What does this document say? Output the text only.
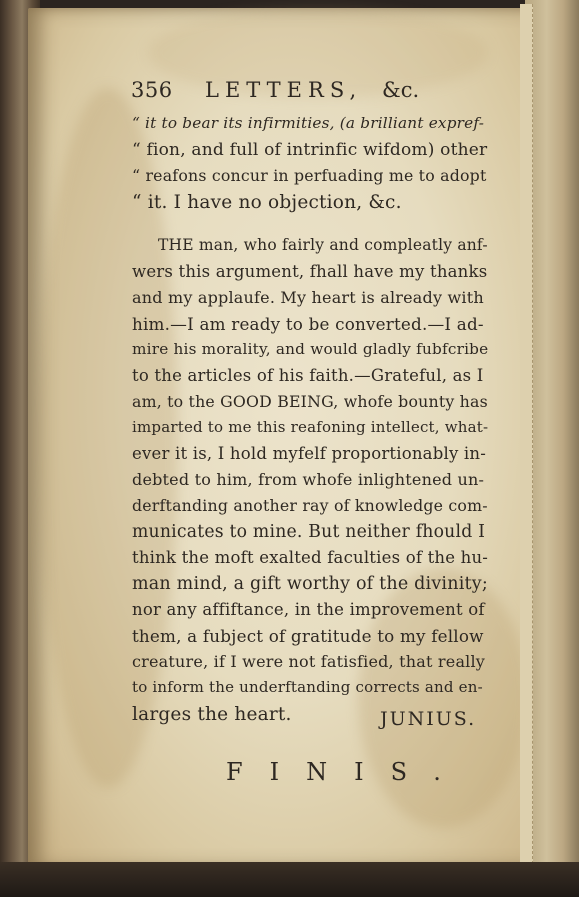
356 LETTERS, &c.
“ it to bear its infirmities, (a brilliant expref-
“ fion, and full of intrinfic wifdom) other
“ reafons concur in perfuading me to adopt
“ it. I have no objection, &c.
THE man, who fairly and compleatly anf-
wers this argument, fhall have my thanks
and my applaufe. My heart is already with
him.—I am ready to be converted.—I ad-
mire his morality, and would gladly fubfcribe
to the articles of his faith.—Grateful, as I
am, to the GOOD BEING, whofe bounty has
imparted to me this reafoning intellect, what-
ever it is, I hold myfelf proportionably in-
debted to him, from whofe inlightened un-
derftanding another ray of knowledge com-
municates to mine. But neither fhould I
think the moft exalted faculties of the hu-
man mind, a gift worthy of the divinity;
nor any affiftance, in the improvement of
them, a fubject of gratitude to my fellow
creature, if I were not fatisfied, that really
to inform the underftanding corrects and en-
larges the heart.	JUNIUS.
FINIS.
